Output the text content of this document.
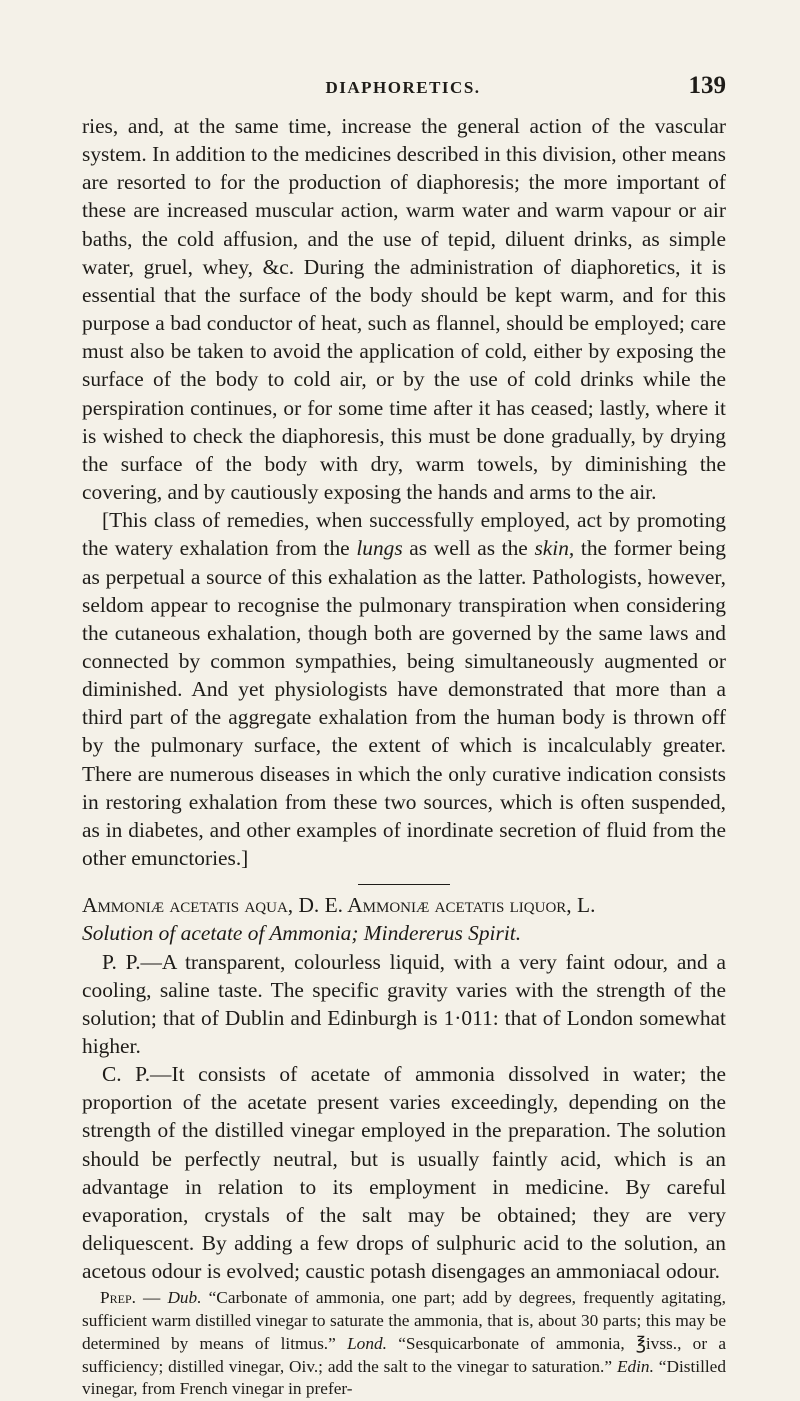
DIAPHORETICS.	139

ries, and, at the same time, increase the general action of the vascular system. In addition to the medicines described in this division, other means are resorted to for the production of diaphoresis; the more important of these are increased muscular action, warm water and warm vapour or air baths, the cold affusion, and the use of tepid, diluent drinks, as simple water, gruel, whey, &c. During the administration of diaphoretics, it is essential that the surface of the body should be kept warm, and for this purpose a bad conductor of heat, such as flannel, should be employed; care must also be taken to avoid the application of cold, either by exposing the surface of the body to cold air, or by the use of cold drinks while the perspiration continues, or for some time after it has ceased; lastly, where it is wished to check the diaphoresis, this must be done gradually, by drying the surface of the body with dry, warm towels, by diminishing the covering, and by cautiously exposing the hands and arms to the air.

[This class of remedies, when successfully employed, act by promoting the watery exhalation from the lungs as well as the skin, the former being as perpetual a source of this exhalation as the latter. Pathologists, however, seldom appear to recognise the pulmonary transpiration when considering the cutaneous exhalation, though both are governed by the same laws and connected by common sympathies, being simultaneously augmented or diminished. And yet physiologists have demonstrated that more than a third part of the aggregate exhalation from the human body is thrown off by the pulmonary surface, the extent of which is incalculably greater. There are numerous diseases in which the only curative indication consists in restoring exhalation from these two sources, which is often suspended, as in diabetes, and other examples of inordinate secretion of fluid from the other emunctories.]

Ammoniæ acetatis aqua, D. E. Ammoniæ acetatis liquor, L.

Solution of acetate of Ammonia; Mindererus Spirit.

P. P.—A transparent, colourless liquid, with a very faint odour, and a cooling, saline taste. The specific gravity varies with the strength of the solution; that of Dublin and Edinburgh is 1·011: that of London somewhat higher.

C. P.—It consists of acetate of ammonia dissolved in water; the proportion of the acetate present varies exceedingly, depending on the strength of the distilled vinegar employed in the preparation. The solution should be perfectly neutral, but is usually faintly acid, which is an advantage in relation to its employment in medicine. By careful evaporation, crystals of the salt may be obtained; they are very deliquescent. By adding a few drops of sulphuric acid to the solution, an acetous odour is evolved; caustic potash disengages an ammoniacal odour.

Prep. — Dub. “Carbonate of ammonia, one part; add by degrees, frequently agitating, sufficient warm distilled vinegar to saturate the ammonia, that is, about 30 parts; this may be determined by means of litmus.” Lond. “Sesquicarbonate of ammonia, ℥ivss., or a sufficiency; distilled vinegar, Oiv.; add the salt to the vinegar to saturation.” Edin. “Distilled vinegar, from French vinegar in prefer-
